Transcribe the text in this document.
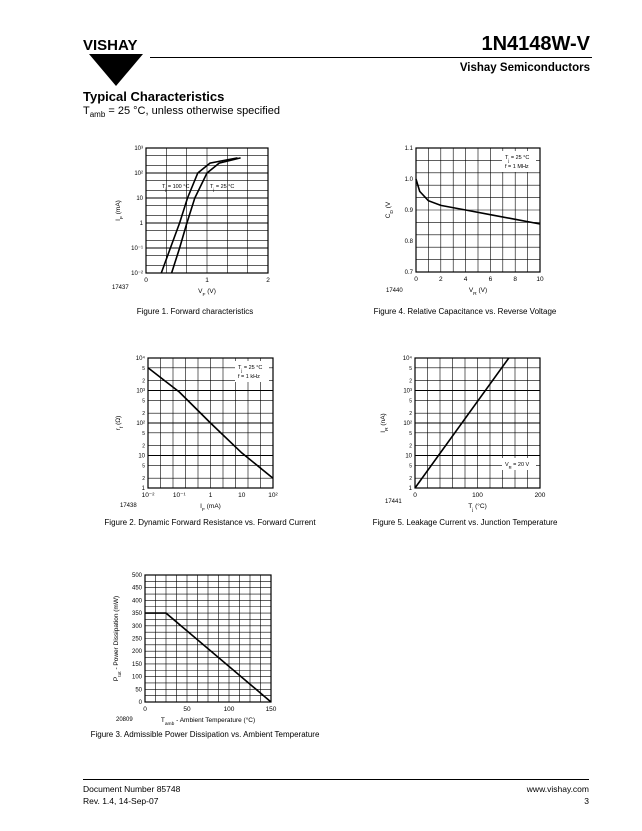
VISHAY	1N4148W-V
Vishay Semiconductors
Typical Characteristics
$T_{amb} = 25$ °C, unless otherwise specified
17437
10³
10²
10
1
10⁻¹
10⁻²
0	1	2
$V_F$ (V)
$I_F$ (mA)
$T_j = 100$ °C	$T_j = 25$ °C
Figure 1. Forward characteristics
17440
1.1
1.0
0.9
0.8
0.7
0	2	4	6	8	10
$V_R$ (V)
$C_D$ (V
$T_j = 25$ °C
f = 1 MHz
Figure 4. Relative Capacitance vs. Reverse Voltage
17438
10⁴
10³
10²
10
1
2
5
2
5
2
5
2
5
10⁻²	10⁻¹	1	10	10²
$I_F$ (mA)
$r_f$ (Ω)
$T_j = 25$ °C
f = 1 kHz
Figure 2. Dynamic Forward Resistance vs. Forward Current
17441
10⁴
10³
10²
10
1
2
5
2
5
2
5
2
5
0	100	200
$T_j$ (°C)
$I_R$ (nA)
$V_R = 20$ V
Figure 5. Leakage Current vs. Junction Temperature
20809
500
450
400
350
300
250
200
150
100
50
0
0	50	100	150
$T_{amb}$ - Ambient Temperature (°C)
$P_{tot}$ - Power Dissipation (mW)
Figure 3. Admissible Power Dissipation vs. Ambient Temperature
Document Number 85748
Rev. 1.4, 14-Sep-07
www.vishay.com
3
